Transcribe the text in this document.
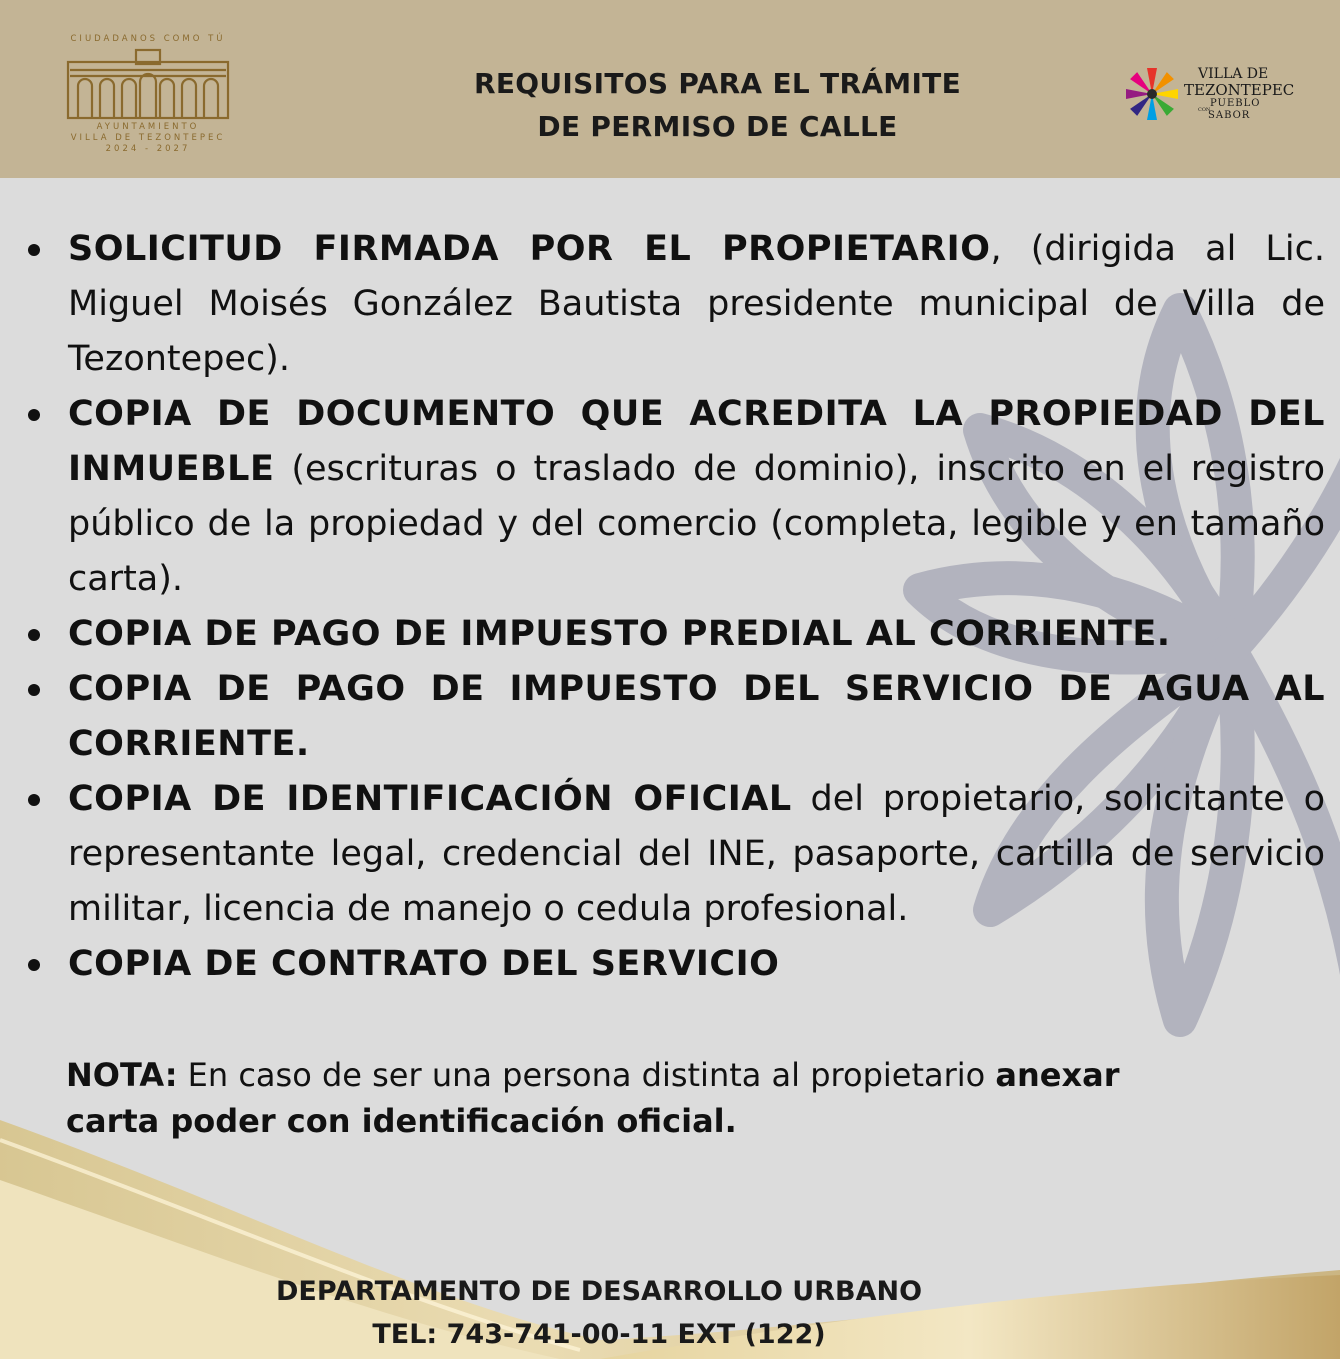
CIUDADANOS COMO TÚ
AYUNTAMIENTO
VILLA DE TEZONTEPEC
2024 - 2027
REQUISITOS PARA EL TRÁMITE
DE PERMISO DE CALLE
VILLA DE
TEZONTEPEC
PUEBLO
CON
SABOR
SOLICITUD FIRMADA POR EL PROPIETARIO, (dirigida al Lic. Miguel Moisés González Bautista presidente municipal de Villa de Tezontepec).
COPIA DE DOCUMENTO QUE ACREDITA LA PROPIEDAD DEL INMUEBLE (escrituras o traslado de dominio), inscrito en el registro público de la propiedad y del comercio (completa, legible y en tamaño carta).
COPIA DE PAGO DE IMPUESTO PREDIAL AL CORRIENTE.
COPIA DE PAGO DE IMPUESTO DEL SERVICIO DE AGUA AL CORRIENTE.
COPIA DE IDENTIFICACIÓN OFICIAL del propietario, solicitante o representante legal, credencial del INE, pasaporte, cartilla de servicio militar, licencia de manejo o cedula profesional.
COPIA DE CONTRATO DEL SERVICIO
NOTA: En caso de ser una persona distinta al propietario anexar
carta poder con identificación oficial.
DEPARTAMENTO DE DESARROLLO URBANO
TEL: 743-741-00-11 EXT (122)
